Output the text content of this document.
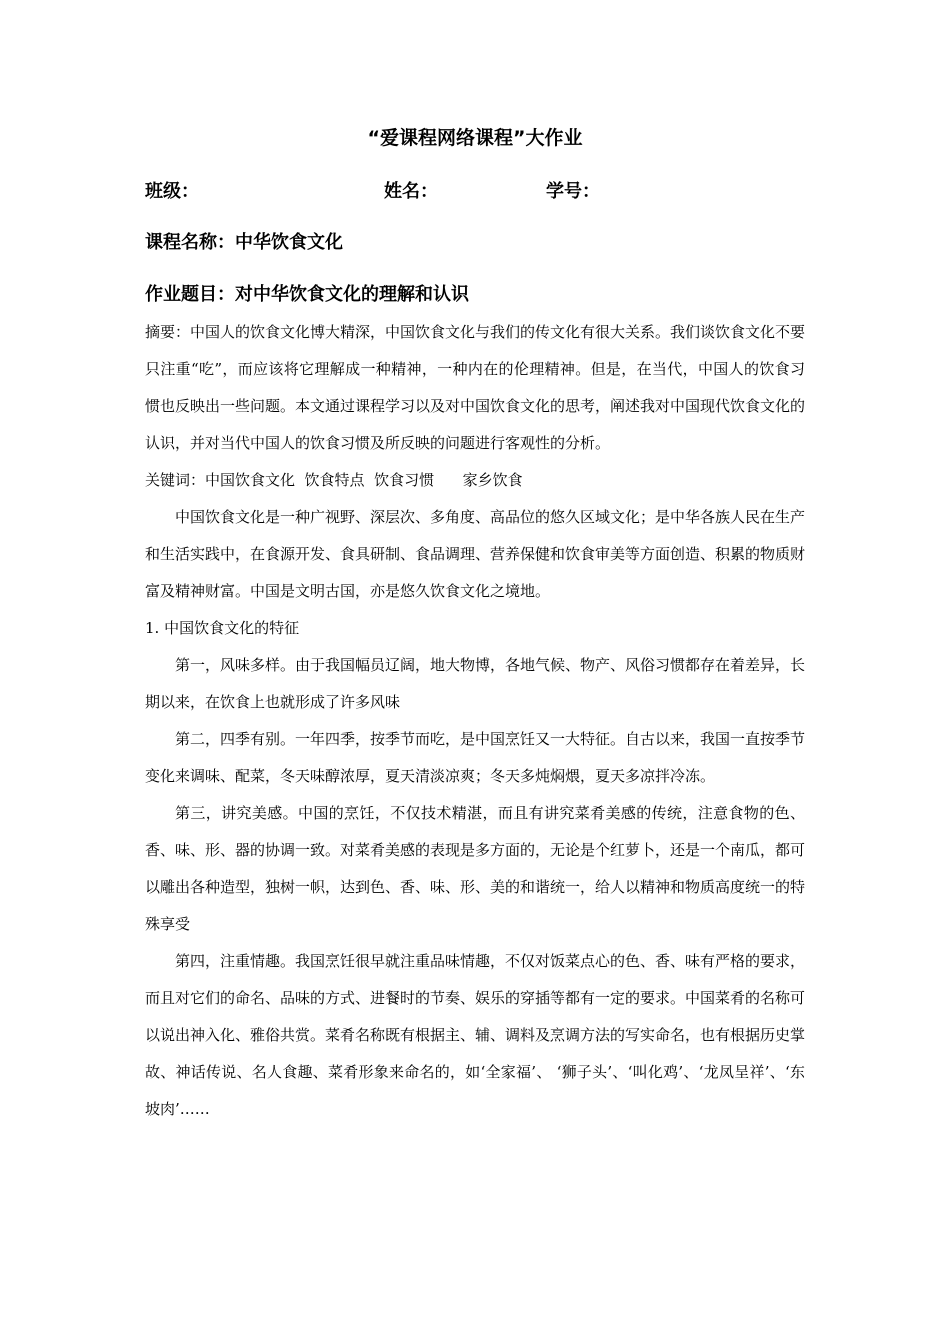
“爱课程网络课程”大作业
班级：	姓名：	学号：
课程名称：中华饮食文化
作业题目：对中华饮食文化的理解和认识

摘要：中国人的饮食文化博大精深，中国饮食文化与我们的传文化有很大关系。我们谈饮食文化不要只注重“吃”，而应该将它理解成一种精神，一种内在的伦理精神。但是，在当代，中国人的饮食习惯也反映出一些问题。本文通过课程学习以及对中国饮食文化的思考，阐述我对中国现代饮食文化的认识，并对当代中国人的饮食习惯及所反映的问题进行客观性的分析。

关键词：中国饮食文化  饮食特点  饮食习惯      家乡饮食

中国饮食文化是一种广视野、深层次、多角度、高品位的悠久区域文化；是中华各族人民在生产和生活实践中，在食源开发、食具研制、食品调理、营养保健和饮食审美等方面创造、积累的物质财富及精神财富。中国是文明古国，亦是悠久饮食文化之境地。

1. 中国饮食文化的特征

第一，风味多样。由于我国幅员辽阔，地大物博，各地气候、物产、风俗习惯都存在着差异，长期以来，在饮食上也就形成了许多风味

第二，四季有别。一年四季，按季节而吃，是中国烹饪又一大特征。自古以来，我国一直按季节变化来调味、配菜，冬天味醇浓厚，夏天清淡凉爽；冬天多炖焖煨，夏天多凉拌冷冻。

第三，讲究美感。中国的烹饪，不仅技术精湛，而且有讲究菜肴美感的传统，注意食物的色、香、味、形、器的协调一致。对菜肴美感的表现是多方面的，无论是个红萝卜，还是一个南瓜，都可以雕出各种造型，独树一帜，达到色、香、味、形、美的和谐统一，给人以精神和物质高度统一的特殊享受

第四，注重情趣。我国烹饪很早就注重品味情趣，不仅对饭菜点心的色、香、味有严格的要求，而且对它们的命名、品味的方式、进餐时的节奏、娱乐的穿插等都有一定的要求。中国菜肴的名称可以说出神入化、雅俗共赏。菜肴名称既有根据主、辅、调料及烹调方法的写实命名，也有根据历史掌故、神话传说、名人食趣、菜肴形象来命名的，如‘全家福’、 ‘狮子头’、‘叫化鸡’、‘龙凤呈祥’、‘东坡肉’……
